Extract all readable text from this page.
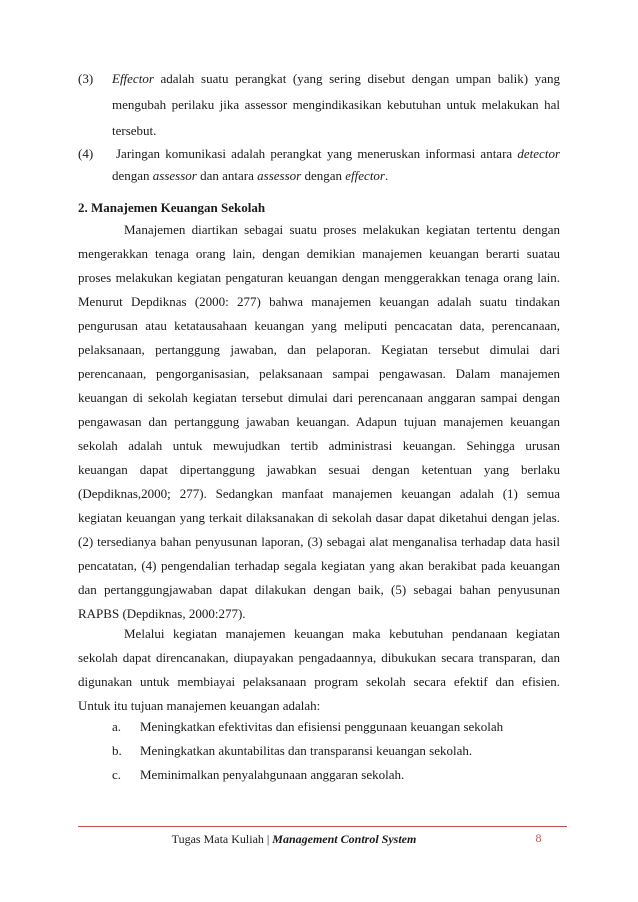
(3) Effector adalah suatu perangkat (yang sering disebut dengan umpan balik) yang
mengubah perilaku jika assessor mengindikasikan kebutuhan untuk melakukan hal
tersebut.
(4) Jaringan komunikasi adalah perangkat yang meneruskan informasi antara detector
dengan assessor dan antara assessor dengan effector.
2. Manajemen Keuangan Sekolah
Manajemen diartikan sebagai suatu proses melakukan kegiatan tertentu dengan
mengerakkan tenaga orang lain, dengan demikian manajemen keuangan berarti suatau
proses melakukan kegiatan pengaturan keuangan dengan menggerakkan tenaga orang lain.
Menurut Depdiknas (2000: 277) bahwa manajemen keuangan adalah suatu tindakan
pengurusan atau ketatausahaan keuangan yang meliputi pencacatan data, perencanaan,
pelaksanaan, pertanggung jawaban, dan pelaporan. Kegiatan tersebut dimulai dari
perencanaan, pengorganisasian, pelaksanaan sampai pengawasan. Dalam manajemen
keuangan di sekolah kegiatan tersebut dimulai dari perencanaan anggaran sampai dengan
pengawasan dan pertanggung jawaban keuangan. Adapun tujuan manajemen keuangan
sekolah adalah untuk mewujudkan tertib administrasi keuangan. Sehingga urusan
keuangan dapat dipertanggung jawabkan sesuai dengan ketentuan yang berlaku
(Depdiknas,2000; 277). Sedangkan manfaat manajemen keuangan adalah (1) semua
kegiatan keuangan yang terkait dilaksanakan di sekolah dasar dapat diketahui dengan jelas.
(2) tersedianya bahan penyusunan laporan, (3) sebagai alat menganalisa terhadap data hasil
pencatatan, (4) pengendalian terhadap segala kegiatan yang akan berakibat pada keuangan
dan pertanggungjawaban dapat dilakukan dengan baik, (5) sebagai bahan penyusunan
RAPBS (Depdiknas, 2000:277).
Melalui kegiatan manajemen keuangan maka kebutuhan pendanaan kegiatan
sekolah dapat direncanakan, diupayakan pengadaannya, dibukukan secara transparan, dan
digunakan untuk membiayai pelaksanaan program sekolah secara efektif dan efisien.
Untuk itu tujuan manajemen keuangan adalah:
a. Meningkatkan efektivitas dan efisiensi penggunaan keuangan sekolah
b. Meningkatkan akuntabilitas dan transparansi keuangan sekolah.
c. Meminimalkan penyalahgunaan anggaran sekolah.
Tugas Mata Kuliah | Management Control System	8
